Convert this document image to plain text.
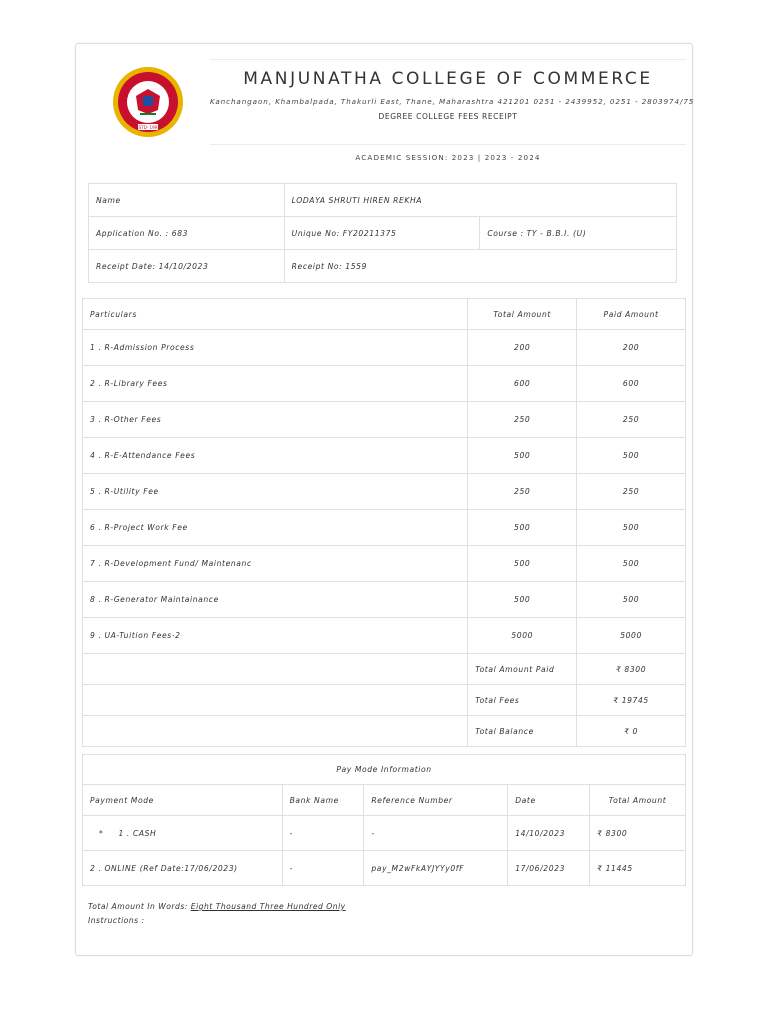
ESTD- 1993
MANJUNATHA COLLEGE OF COMMERCE
Kanchangaon, Khambalpada, Thakurli East, Thane, Maharashtra 421201 0251 - 2439952, 0251 - 2803974/75
DEGREE COLLEGE FEES RECEIPT
ACADEMIC SESSION: 2023 | 2023 - 2024
Name	LODAYA SHRUTI HIREN REKHA	
Application No. : 683	Unique No: FY20211375	Course : TY - B.B.I. (U)
Receipt Date: 14/10/2023	Receipt No: 1559	
Particulars	Total Amount	Paid Amount
1 . R-Admission Process	200	200
2 . R-Library Fees	600	600
3 . R-Other Fees	250	250
4 . R-E-Attendance Fees	500	500
5 . R-Utility Fee	250	250
6 . R-Project Work Fee	500	500
7 . R-Development Fund/ Maintenanc	500	500
8 . R-Generator Maintainance	500	500
9 . UA-Tuition Fees-2	5000	5000
	Total Amount Paid	₹ 8300
	Total Fees	₹ 19745
	Total Balance	₹ 0
Pay Mode Information				
Payment Mode	Bank Name	Reference Number	Date	Total Amount
*     1 . CASH	-	-	14/10/2023	₹ 8300
2 . ONLINE (Ref Date:17/06/2023)	-	pay_M2wFkAYJYYy0fF	17/06/2023	₹ 11445
Total Amount In Words: Eight Thousand Three Hundred Only
Instructions :
